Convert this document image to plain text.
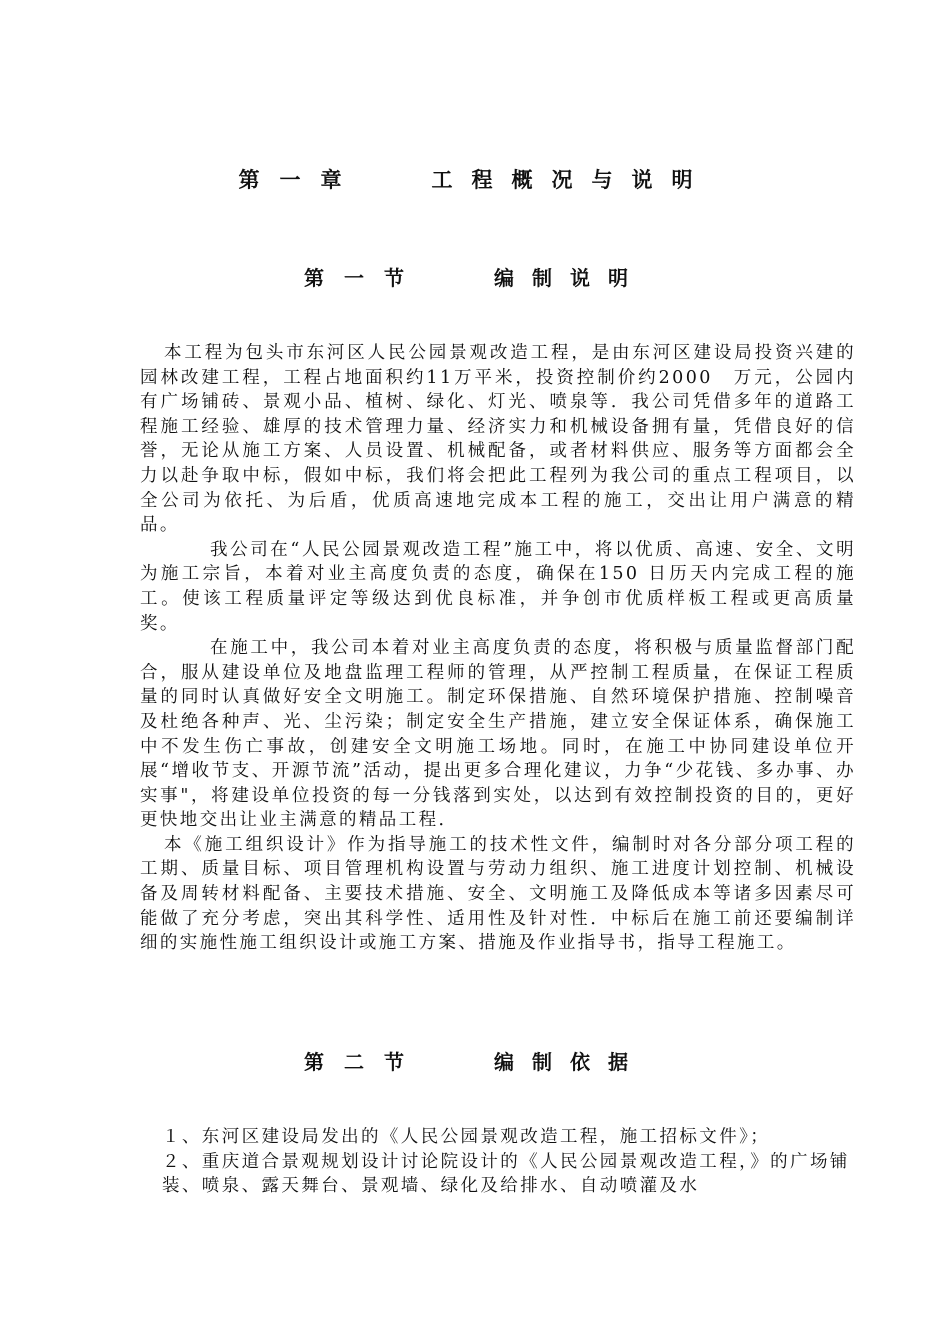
第一章	工程概况与说明
第一节	编制说明

本工程为包头市东河区人民公园景观改造工程，是由东河区建设局投资兴建的园林改建工程，工程占地面积约11万平米，投资控制价约2000　万元，公园内有广场铺砖、景观小品、植树、绿化、灯光、喷泉等．我公司凭借多年的道路工程施工经验、雄厚的技术管理力量、经济实力和机械设备拥有量，凭借良好的信誉，无论从施工方案、人员设置、机械配备，或者材料供应、服务等方面都会全力以赴争取中标，假如中标，我们将会把此工程列为我公司的重点工程项目，以全公司为依托、为后盾，优质高速地完成本工程的施工，交出让用户满意的精品。

我公司在“人民公园景观改造工程”施工中，将以优质、高速、安全、文明为施工宗旨，本着对业主高度负责的态度，确保在150 日历天内完成工程的施工。使该工程质量评定等级达到优良标准，并争创市优质样板工程或更高质量奖。

在施工中，我公司本着对业主高度负责的态度，将积极与质量监督部门配合，服从建设单位及地盘监理工程师的管理，从严控制工程质量，在保证工程质量的同时认真做好安全文明施工。制定环保措施、自然环境保护措施、控制噪音及杜绝各种声、光、尘污染；制定安全生产措施，建立安全保证体系，确保施工中不发生伤亡事故，创建安全文明施工场地。同时，在施工中协同建设单位开展“增收节支、开源节流”活动，提出更多合理化建议，力争“少花钱、多办事、办实事"，将建设单位投资的每一分钱落到实处，以达到有效控制投资的目的，更好更快地交出让业主满意的精品工程．

本《施工组织设计》作为指导施工的技术性文件，编制时对各分部分项工程的工期、质量目标、项目管理机构设置与劳动力组织、施工进度计划控制、机械设备及周转材料配备、主要技术措施、安全、文明施工及降低成本等诸多因素尽可能做了充分考虑，突出其科学性、适用性及针对性．中标后在施工前还要编制详细的实施性施工组织设计或施工方案、措施及作业指导书，指导工程施工。

第二节	编制依据

１、东河区建设局发出的《人民公园景观改造工程，施工招标文件》；

２、重庆道合景观规划设计讨论院设计的《人民公园景观改造工程，》的广场铺装、喷泉、露天舞台、景观墙、绿化及给排水、自动喷灌及水
